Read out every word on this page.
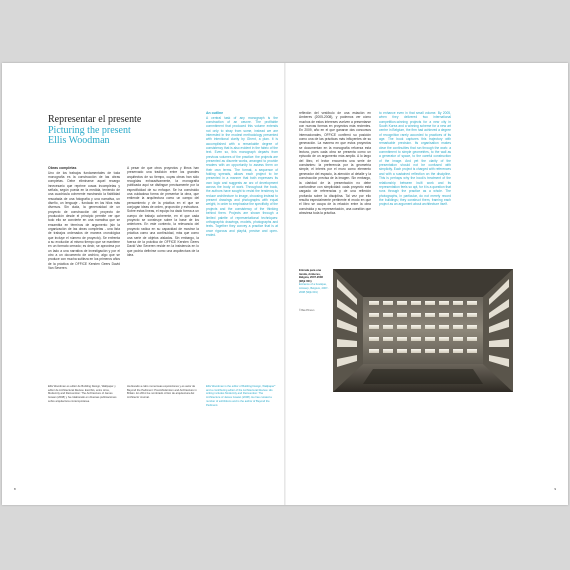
Representar el presente
Picturing the present
Ellis Woodman
Obras completas
Uno de los trabajos fundamentales de toda monografía es la construcción de las obras completas. Debe eliminarse aquel recargo innecesario que reprime cosas incompletas y señala, según pueda en la medida, teniendo de una cuadrícula coherente mostrando la fiabilidad rescatada de una fotografía y una narrativa, un diseño, un lenguaje - fundado en los hilos más diversos. Sin duda, la generosidad de un proyecto de construcción del proyecto de producción desde el principio permite ver que todo ello se convierte en una narrativa que se ensambla en términos de argumento (sin la organización de las obras completas - una lista de trabajos ordenados de manera cronológica que incluye el número de proyecto). Se enfrenta a su evolución al mismo tiempo que se mantiene en un formato cerrado; es decir, se aproxima por un lado a una narrativa de investigación y por el otro a un documento de archivo, algo que se produce con mucha sutileza en los primeros años de la práctica de OFFICE Kersten Geers David Van Severen.
A pesar de que otros proyectos y libros han preservado una tradición entre los grandes arquitectos de su tiempo, cuyas obras han sido recogidas exhaustivamente, la monografía publicada aquí se distingue precisamente por la especificidad de su enfoque. Se ha construido una cuidadosa forma de presentar la obra, que entiende la arquitectura como un campo del pensamiento y de la práctica en el que se conjugan ideas de orden, proporción y estructura. Sobre estas líneas, el equipo ha dado forma a un cuerpo de trabajo coherente, en el que cada proyecto se construye sobre la base de los anteriores. En este contexto, la relevancia del proyecto radica en su capacidad de mostrar la práctica como una continuidad, más que como una serie de objetos aislados. Sin embargo, la fuerza de la práctica de OFFICE Kersten Geers David Van Severen reside en la insistencia en lo que podría definirse como una arquitectura de la idea.
An outline
A central task of any monograph is the construction of an oeuvre. The profitable commitment that produced this volume extends not only to stray from some, instead we are interested in the modest methodology presented with intentional clarity by Ghent, a plan. It is accomplished with a remarkable degree of consistency that is also evident in the fabric of the text. Even so, this monograph departs from previous volumes of the practice: the projects are presented as discrete works, arranged to provide readers with an opportunity to assess them on their own terms. The format, a sequence of folding spreads, allows each project to be presented in a manner that both expresses its own logic and suggests an arc of development across the body of work. Throughout the book, the authors have sought to resist the tendency to reduce architecture to image, choosing instead to present drawings and photographs with equal weight, in order to emphasise the specificity of the projects and the consistency of the thinking behind them. Projects are shown through a limited palette of representational techniques: orthographic drawings, models, photographs and texts. Together they convey a practice that is at once rigorous and playful, precise and open-ended.
reflexión del vestíbulo de una estación en Amberes (2005-2008), y podemos ver cómo muchos de estos intereses vuelven a presentarse con nuevas formas en proyectos más recientes. En 2009, año en el que ganaron dos concursos internacionales, OFFICE confirmó su posición como una de las prácticas más influyentes de su generación. La manera en que estos proyectos se documentan en la monografía refuerza esta lectura, pues cada obra se presenta como un episodio de un argumento más amplio. A lo largo del libro, el lector encuentra una serie de constantes: la preferencia por la geometría simple, el interés por el muro como elemento generador del espacio, la atención al detalle y la construcción precisa de la imagen. Sin embargo, la claridad de la presentación no debe confundirse con simplicidad: cada proyecto está cargado de referencias y de una reflexión profunda sobre la disciplina. Tal vez por ello resulta especialmente pertinente el modo en que el libro se ocupa de la relación entre la obra construida y su representación, una cuestión que atraviesa toda la práctica.
to enhance even in that small volume. By 2005, when they delivered two international competition-winning projects for a new city in South Korea and a winning scheme for a new art centre in Belgium, the firm had achieved a degree of recognition rarely accorded to practices of its age. The book captures this trajectory with remarkable precision. Its organisation makes clear the continuities that run through the work: a commitment to simple geometries, to the wall as a generator of space, to the careful construction of the image. And yet the clarity of the presentation should not be confused with simplicity. Each project is charged with references and with a sustained reflection on the discipline. This is perhaps why the book's treatment of the relationship between built work and its representation feels so apt, for it is a question that runs through the practice as a whole. The photographs, in particular, do not merely record the buildings; they construct them, framing each project as an argument about architecture itself.
Ellis Woodman es editor de Building Design, Wallpaper y editor de Architectural Review. Escribió, entre otros, Modernity and Reinvention: The Architecture of James Gowan (2008) y ha colaborado en diversas publicaciones sobre arquitectura contemporánea.
Ha llevado a cabo numerosas exposiciones y es autor de Beyond the Pediment: Post-Modernism and Architecture in Britain. En 2011 fue nombrado crítico de arquitectura del Architects' Journal.
Ellis Woodman is the editor of Building Design, Wallpaper* and a contributing editor of the Architectural Review. His writing includes Modernity and Reinvention: The Architecture of James Gowan (2008). He has curated a number of exhibitions and is the author of Beyond the Pediment.
Entrada para una tienda, Amberes, Bélgica, 2007-2008 (Wijk 001)
Entrance of a boutique, Antwerp, Belgium, 2007-2008 (Wijk 001)
© Bas Princen
8	9
